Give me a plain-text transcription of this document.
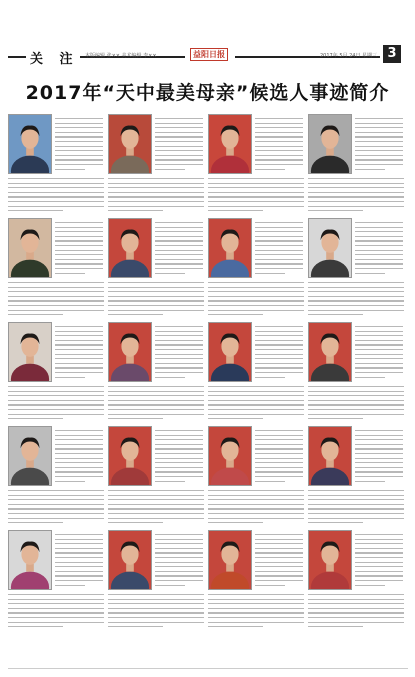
关 注 本版编辑 张×× 美术编辑 李××	益阳日报	2017年 5月 24日 星期三 3
2017年“天中最美母亲”候选人事迹简介
